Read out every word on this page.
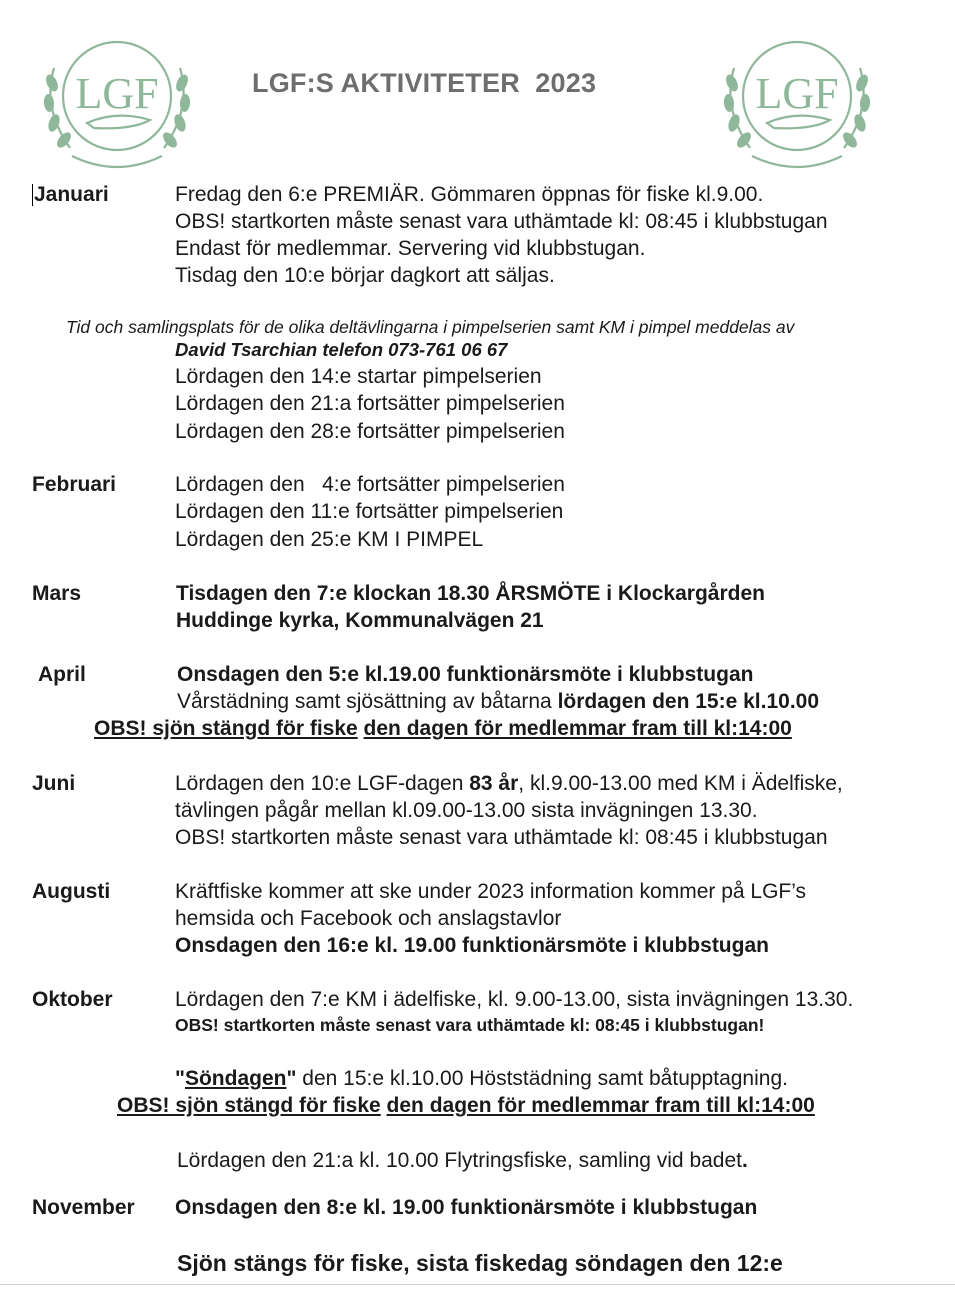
LGF	LGF
LGF:S AKTIVITETER  2023
Januari	Fredag den 6:e PREMIÄR. Gömmaren öppnas för fiske kl.9.00.
OBS! startkorten måste senast vara uthämtade kl: 08:45 i klubbstugan
Endast för medlemmar. Servering vid klubbstugan.
Tisdag den 10:e börjar dagkort att säljas.
Tid och samlingsplats för de olika deltävlingarna i pimpelserien samt KM i pimpel meddelas av
David Tsarchian telefon 073-761 06 67
Lördagen den 14:e startar pimpelserien
Lördagen den 21:a fortsätter pimpelserien
Lördagen den 28:e fortsätter pimpelserien
Februari	Lördagen den   4:e fortsätter pimpelserien
Lördagen den 11:e fortsätter pimpelserien
Lördagen den 25:e KM I PIMPEL
Mars	Tisdagen den 7:e klockan 18.30 ÅRSMÖTE i Klockargården
Huddinge kyrka, Kommunalvägen 21
April	Onsdagen den 5:e kl.19.00 funktionärsmöte i klubbstugan
Vårstädning samt sjösättning av båtarna lördagen den 15:e kl.10.00
OBS! sjön stängd för fiske den dagen för medlemmar fram till kl:14:00
Juni	Lördagen den 10:e LGF-dagen 83 år, kl.9.00-13.00 med KM i Ädelfiske,
tävlingen pågår mellan kl.09.00-13.00 sista invägningen 13.30.
OBS! startkorten måste senast vara uthämtade kl: 08:45 i klubbstugan
Augusti	Kräftfiske kommer att ske under 2023 information kommer på LGF’s
hemsida och Facebook och anslagstavlor
Onsdagen den 16:e kl. 19.00 funktionärsmöte i klubbstugan
Oktober	Lördagen den 7:e KM i ädelfiske, kl. 9.00-13.00, sista invägningen 13.30.
OBS! startkorten måste senast vara uthämtade kl: 08:45 i klubbstugan!
"Söndagen" den 15:e kl.10.00 Höststädning samt båtupptagning.
OBS! sjön stängd för fiske den dagen för medlemmar fram till kl:14:00
Lördagen den 21:a kl. 10.00 Flytringsfiske, samling vid badet.
November Onsdagen den 8:e kl. 19.00 funktionärsmöte i klubbstugan
Sjön stängs för fiske, sista fiskedag söndagen den 12:e
